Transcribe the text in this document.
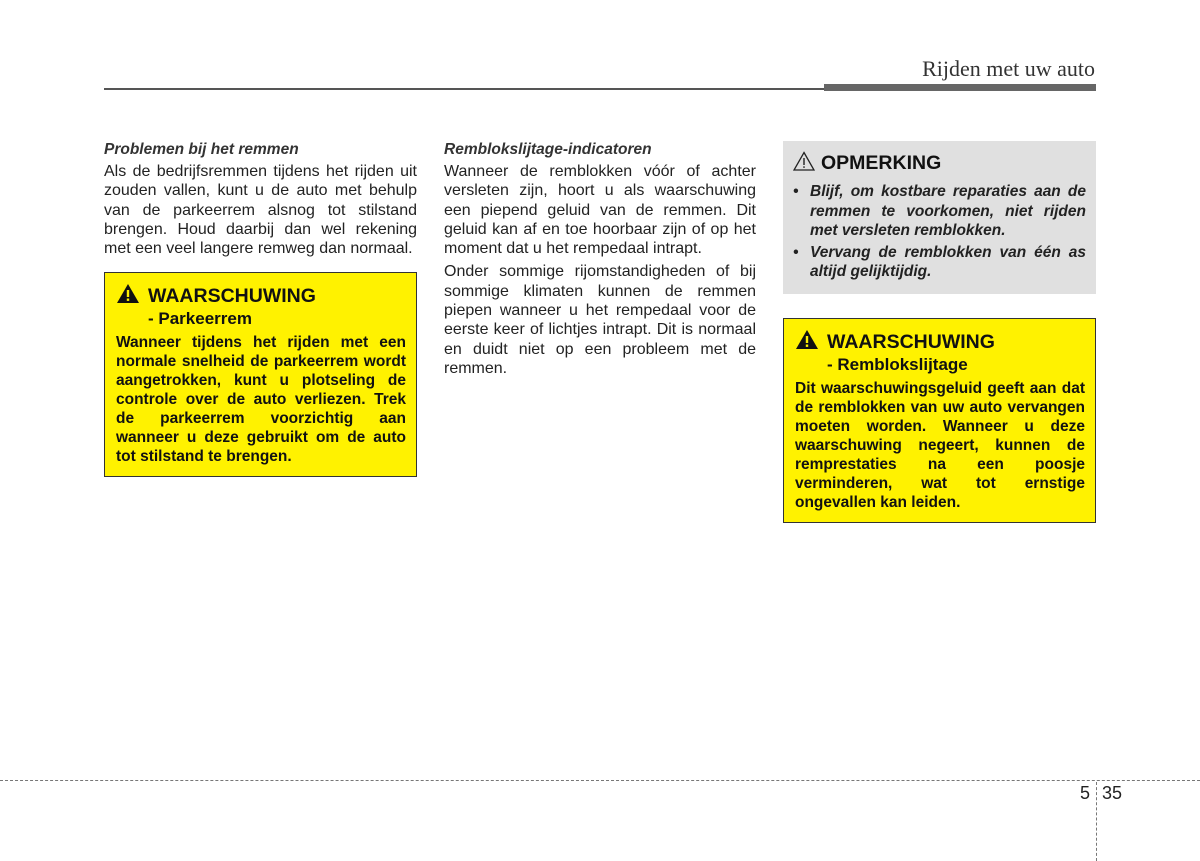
Rijden met uw auto

Problemen bij het remmen

Als de bedrijfsremmen tijdens het rijden uit zouden vallen, kunt u de auto met behulp van de parkeerrem alsnog tot stilstand brengen. Houd daarbij dan wel rekening met een veel langere remweg dan normaal.

WAARSCHUWING
- Parkeerrem

Wanneer tijdens het rijden met een normale snelheid de parkeerrem wordt aangetrokken, kunt u plotseling de controle over de auto verliezen. Trek de parkeerrem voorzichtig aan wanneer u deze gebruikt om de auto tot stilstand te brengen.

Remblokslijtage-indicatoren

Wanneer de remblokken vóór of achter versleten zijn, hoort u als waarschuwing een piepend geluid van de remmen. Dit geluid kan af en toe hoorbaar zijn of op het moment dat u het rempedaal intrapt.

Onder sommige rijomstandigheden of bij sommige klimaten kunnen de remmen piepen wanneer u het rempedaal voor de eerste keer of lichtjes intrapt. Dit is normaal en duidt niet op een probleem met de remmen.

OPMERKING
• Blijf, om kostbare reparaties aan de remmen te voorkomen, niet rijden met versleten remblokken.
• Vervang de remblokken van één as altijd gelijktijdig.
WAARSCHUWING
- Remblokslijtage

Dit waarschuwingsgeluid geeft aan dat de remblokken van uw auto vervangen moeten worden. Wanneer u deze waarschuwing negeert, kunnen de remprestaties na een poosje verminderen, wat tot ernstige ongevallen kan leiden.

5 35
